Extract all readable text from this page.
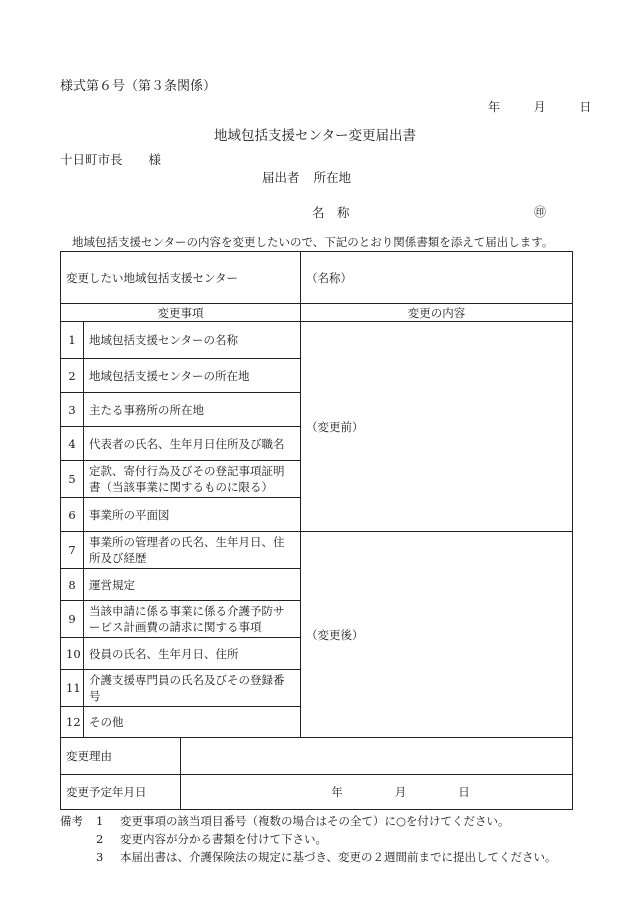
様式第６号（第３条関係）
年	月	日
地域包括支援センター変更届出書
十日町市長 様
届出者 所在地
名　称	㊞
地域包括支援センターの内容を変更したいので、下記のとおり関係書類を添えて届出します。
変更したい地域包括支援センター			（名称）
変更事項			変更の内容
1	地域包括支援センターの名称		（変更前）
2	地域包括支援センターの所在地		
3	主たる事務所の所在地		
4	代表者の氏名、生年月日住所及び職名		
5	定款、寄付行為及びその登記事項証明書（当該事業に関するものに限る）		
6	事業所の平面図		
7	事業所の管理者の氏名、生年月日、住所及び経歴		（変更後）
8	運営規定		
9	当該申請に係る事業に係る介護予防サービス計画費の請求に関する事項		
10	役員の氏名、生年月日、住所		
11	介護支援専門員の氏名及びその登録番号		
12	その他		
変更理由			
変更予定年月日		年 月 日	
備考 1 変更事項の該当項目番号（複数の場合はその全て）に○を付けてください。
2 変更内容が分かる書類を付けて下さい。
3 本届出書は、介護保険法の規定に基づき、変更の２週間前までに提出してください。
